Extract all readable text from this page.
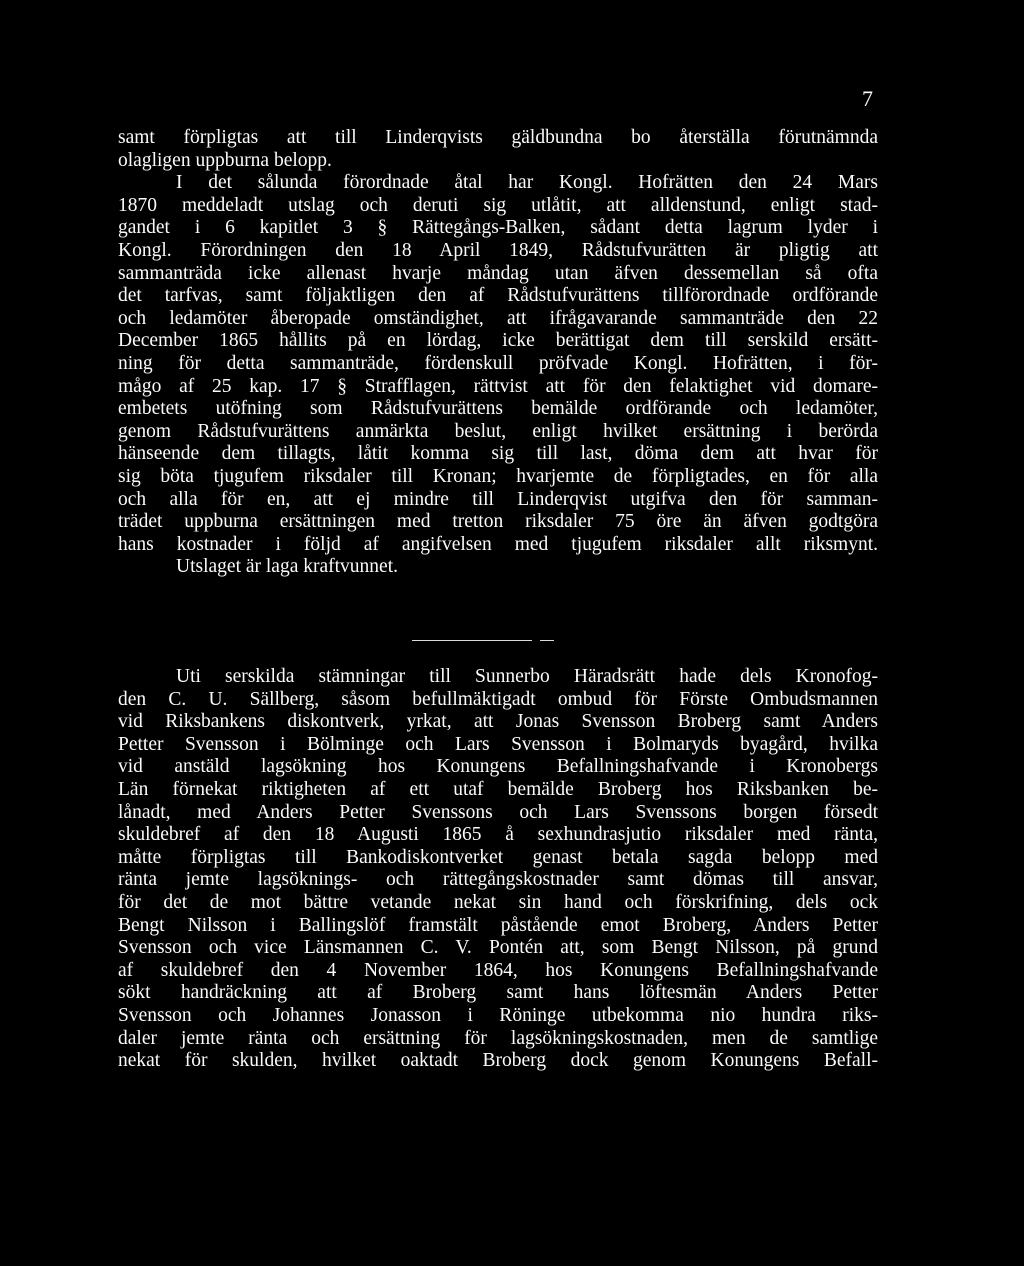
7
samt förpligtas att till Linderqvists gäldbundna bo återställa förutnämnda
olagligen uppburna belopp.
I det sålunda förordnade åtal har Kongl. Hofrätten den 24 Mars
1870 meddeladt utslag och deruti sig utlåtit, att alldenstund, enligt stad-
gandet i 6 kapitlet 3 § Rättegångs-Balken, sådant detta lagrum lyder i
Kongl. Förordningen den 18 April 1849, Rådstufvurätten är pligtig att
sammanträda icke allenast hvarje måndag utan äfven dessemellan så ofta
det tarfvas, samt följaktligen den af Rådstufvurättens tillförordnade ordförande
och ledamöter åberopade omständighet, att ifrågavarande sammanträde den 22
December 1865 hållits på en lördag, icke berättigat dem till serskild ersätt-
ning för detta sammanträde, fördenskull pröfvade Kongl. Hofrätten, i för-
mågo af 25 kap. 17 § Strafflagen, rättvist att för den felaktighet vid domare-
embetets utöfning som Rådstufvurättens bemälde ordförande och ledamöter,
genom Rådstufvurättens anmärkta beslut, enligt hvilket ersättning i berörda
hänseende dem tillagts, låtit komma sig till last, döma dem att hvar för
sig böta tjugufem riksdaler till Kronan; hvarjemte de förpligtades, en för alla
och alla för en, att ej mindre till Linderqvist utgifva den för samman-
trädet uppburna ersättningen med tretton riksdaler 75 öre än äfven godtgöra
hans kostnader i följd af angifvelsen med tjugufem riksdaler allt riksmynt.
Utslaget är laga kraftvunnet.
Uti serskilda stämningar till Sunnerbo Häradsrätt hade dels Kronofog-
den C. U. Sällberg, såsom befullmäktigadt ombud för Förste Ombudsmannen
vid Riksbankens diskontverk, yrkat, att Jonas Svensson Broberg samt Anders
Petter Svensson i Bölminge och Lars Svensson i Bolmaryds byagård, hvilka
vid anstäld lagsökning hos Konungens Befallningshafvande i Kronobergs
Län förnekat riktigheten af ett utaf bemälde Broberg hos Riksbanken be-
lånadt, med Anders Petter Svenssons och Lars Svenssons borgen försedt
skuldebref af den 18 Augusti 1865 å sexhundrasjutio riksdaler med ränta,
måtte förpligtas till Bankodiskontverket genast betala sagda belopp med
ränta jemte lagsöknings- och rättegångskostnader samt dömas till ansvar,
för det de mot bättre vetande nekat sin hand och förskrifning, dels ock
Bengt Nilsson i Ballingslöf framstält påstående emot Broberg, Anders Petter
Svensson och vice Länsmannen C. V. Pontén att, som Bengt Nilsson, på grund
af skuldebref den 4 November 1864, hos Konungens Befallningshafvande
sökt handräckning att af Broberg samt hans löftesmän Anders Petter
Svensson och Johannes Jonasson i Röninge utbekomma nio hundra riks-
daler jemte ränta och ersättning för lagsökningskostnaden, men de samtlige
nekat för skulden, hvilket oaktadt Broberg dock genom Konungens Befall-
